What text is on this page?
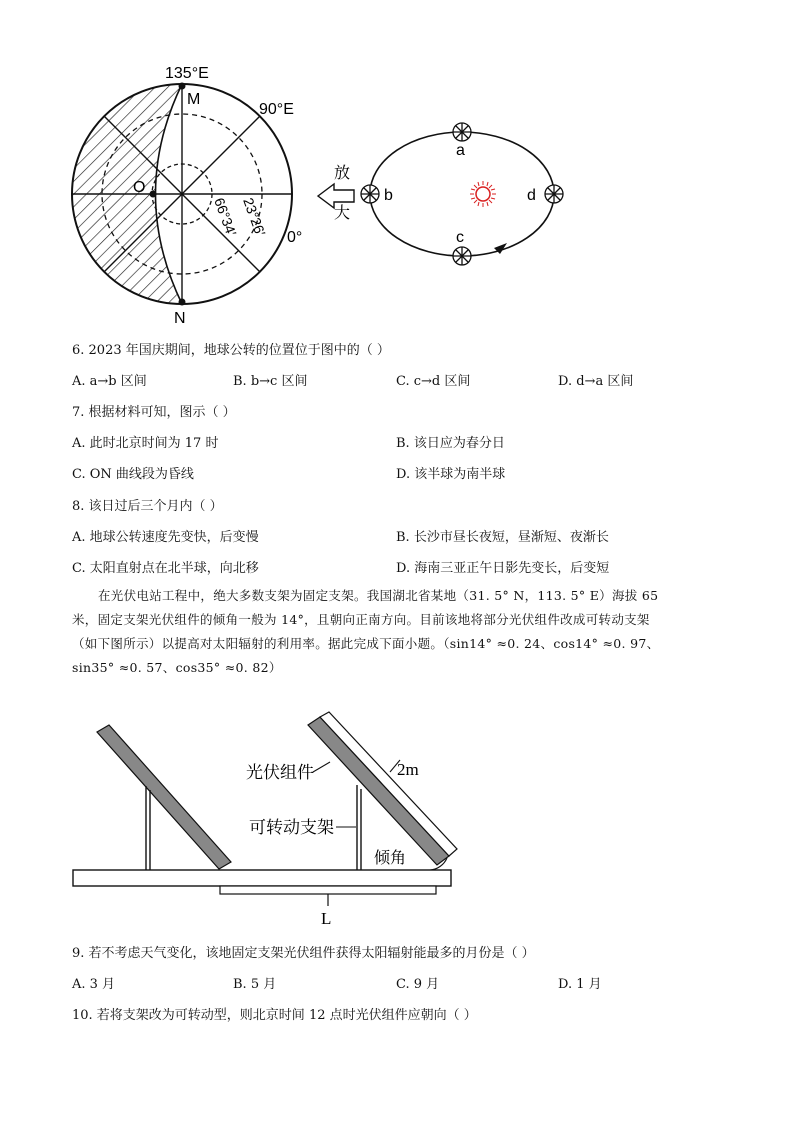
135°E
M
90°E
0°
N
O
66°34′ 23°26′
放
大
a
b
c
d
6. 2023 年国庆期间，地球公转的位置位于图中的（ ）
A. a→b 区间	B. b→c 区间	C. c→d 区间	D. d→a 区间
7. 根据材料可知，图示（ ）
A. 此时北京时间为 17 时	B. 该日应为春分日
C. ON 曲线段为昏线	D. 该半球为南半球
8. 该日过后三个月内（ ）
A. 地球公转速度先变快，后变慢	B. 长沙市昼长夜短，昼渐短、夜渐长
C. 太阳直射点在北半球，向北移	D. 海南三亚正午日影先变长，后变短
在光伏电站工程中，绝大多数支架为固定支架。我国湖北省某地（31. 5° N，113. 5° E）海拔 65
米，固定支架光伏组件的倾角一般为 14°，且朝向正南方向。目前该地将部分光伏组件改成可转动支架
（如下图所示）以提高对太阳辐射的利用率。据此完成下面小题。（sin14° ≈0. 24、cos14° ≈0. 97、
sin35° ≈0. 57、cos35° ≈0. 82）
光伏组件
可转动支架
2m
倾角
L
9. 若不考虑天气变化，该地固定支架光伏组件获得太阳辐射能最多的月份是（ ）
A. 3 月	B. 5 月	C. 9 月	D. 1 月
10. 若将支架改为可转动型，则北京时间 12 点时光伏组件应朝向（ ）
